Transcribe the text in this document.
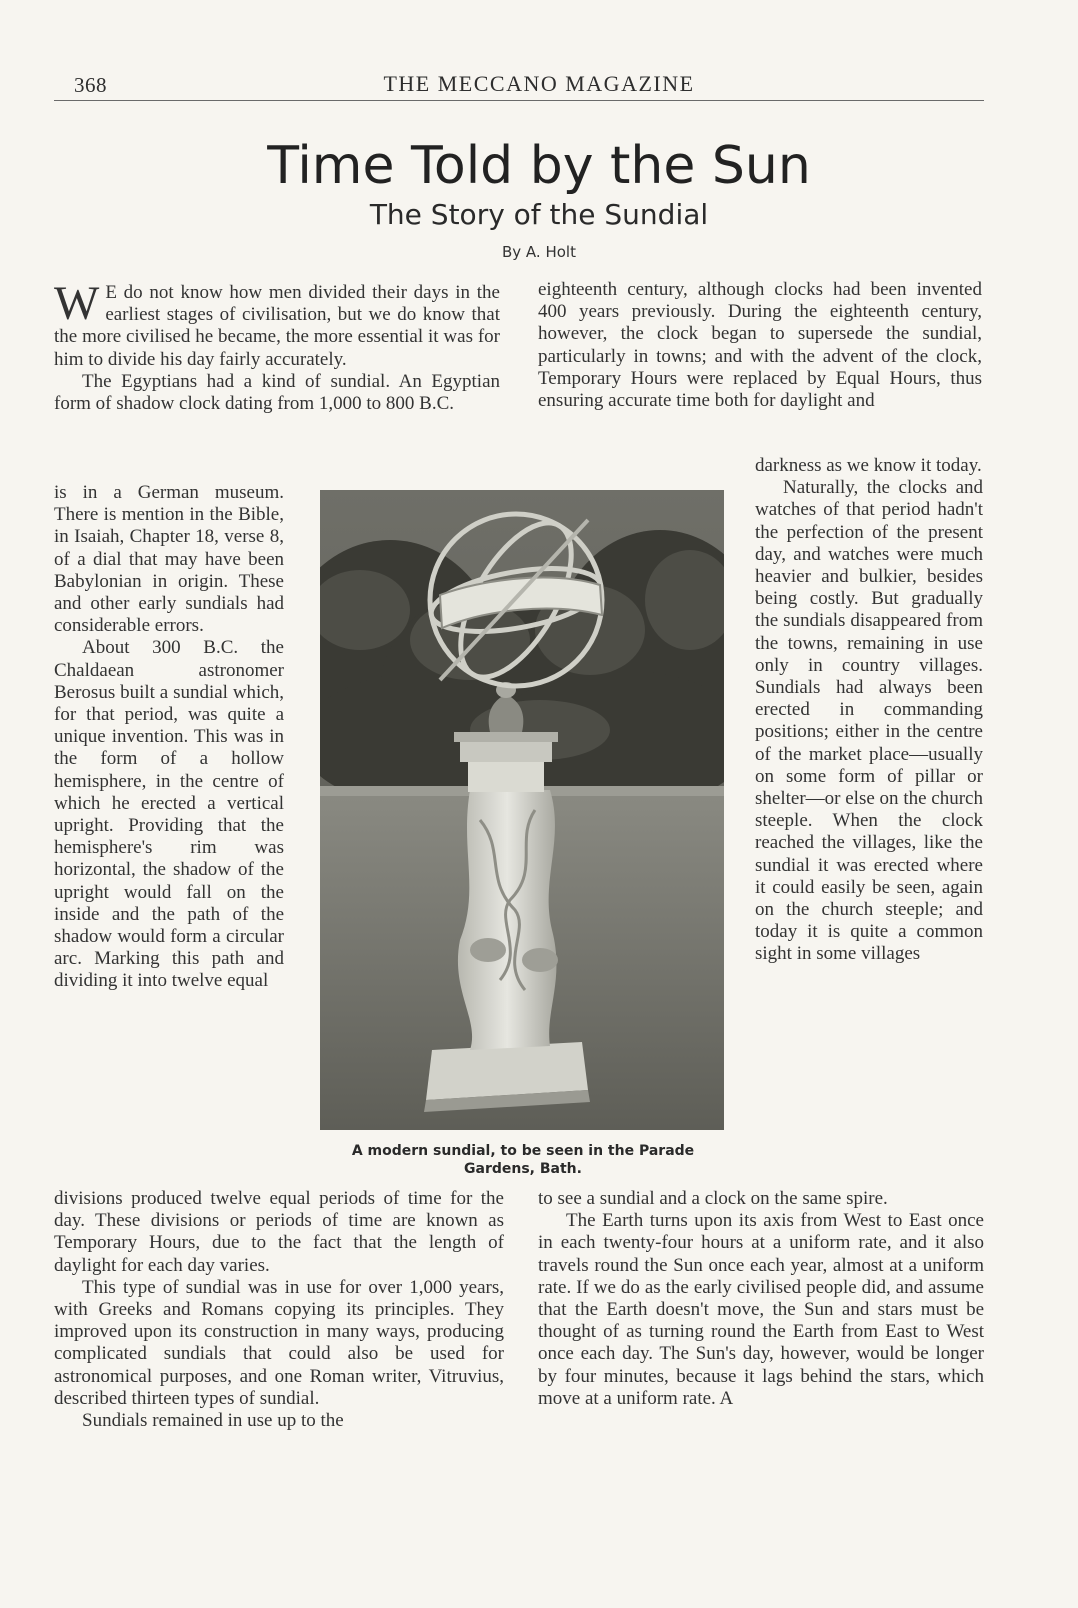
368	THE MECCANO MAGAZINE
Time Told by the Sun
The Story of the Sundial
By A. Holt

W E do not know how men divided their days in the earliest stages of civilisation, but we do know that the more civilised he became, the more essential it was for him to divide his day fairly accurately.

The Egyptians had a kind of sundial. An Egyptian form of shadow clock dating from 1,000 to 800 B.C.

is in a German museum. There is mention in the Bible, in Isaiah, Chapter 18, verse 8, of a dial that may have been Babylonian in origin. These and other early sundials had considerable errors.

About 300 B.C. the Chaldaean astronomer Berosus built a sundial which, for that period, was quite a unique invention. This was in the form of a hollow hemisphere, in the centre of which he erected a vertical upright. Providing that the hemisphere's rim was horizontal, the shadow of the upright would fall on the inside and the path of the shadow would form a circular arc. Marking this path and dividing it into twelve equal

divisions produced twelve equal periods of time for the day. These divisions or periods of time are known as Temporary Hours, due to the fact that the length of daylight for each day varies.

This type of sundial was in use for over 1,000 years, with Greeks and Romans copying its principles. They improved upon its construction in many ways, producing complicated sundials that could also be used for astronomical purposes, and one Roman writer, Vitruvius, described thirteen types of sundial.

Sundials remained in use up to the

eighteenth century, although clocks had been invented 400 years previously. During the eighteenth century, however, the clock began to supersede the sundial, particularly in towns; and with the advent of the clock, Temporary Hours were replaced by Equal Hours, thus ensuring accurate time both for daylight and

darkness as we know it today.

Naturally, the clocks and watches of that period hadn't the perfection of the present day, and watches were much heavier and bulkier, besides being costly. But gradually the sundials disappeared from the towns, remaining in use only in country villages. Sundials had always been erected in commanding positions; either in the centre of the market place—usually on some form of pillar or shelter—or else on the church steeple. When the clock reached the villages, like the sundial it was erected where it could easily be seen, again on the church steeple; and today it is quite a common sight in some villages

to see a sundial and a clock on the same spire.

The Earth turns upon its axis from West to East once in each twenty-four hours at a uniform rate, and it also travels round the Sun once each year, almost at a uniform rate. If we do as the early civilised people did, and assume that the Earth doesn't move, the Sun and stars must be thought of as turning round the Earth from East to West once each day. The Sun's day, however, would be longer by four minutes, because it lags behind the stars, which move at a uniform rate. A

A modern sundial, to be seen in the Parade Gardens, Bath.
